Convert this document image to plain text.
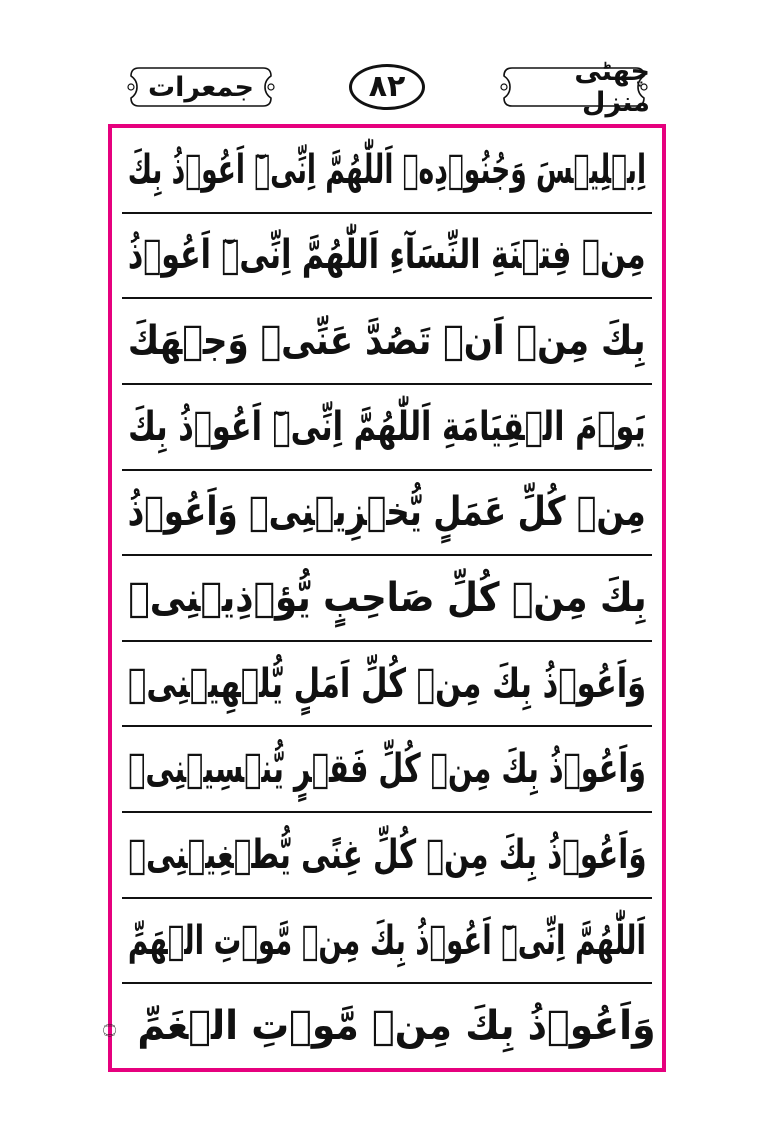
چھٹی منزل
۸۲
جمعرات
اِبۡلِيۡسَ وَجُنُوۡدِهٖ اَللّٰهُمَّ اِنِّىۡٓ اَعُوۡذُ بِكَ
مِنۡ فِتۡنَةِ النِّسَآءِ اَللّٰهُمَّ اِنِّىۡٓ اَعُوۡذُ
بِكَ مِنۡ اَنۡ تَصُدَّ عَنِّىۡ وَجۡهَكَ
يَوۡمَ الۡقِيَامَةِ اَللّٰهُمَّ اِنِّىۡٓ اَعُوۡذُ بِكَ
مِنۡ كُلِّ عَمَلٍ يُّخۡزِيۡنِىۡ وَاَعُوۡذُ
بِكَ مِنۡ كُلِّ صَاحِبٍ يُّؤۡذِيۡنِىۡ
وَاَعُوۡذُ بِكَ مِنۡ كُلِّ اَمَلٍ يُّلۡهِيۡنِىۡ
وَاَعُوۡذُ بِكَ مِنۡ كُلِّ فَقۡرٍ يُّنۡسِيۡنِىۡ
وَاَعُوۡذُ بِكَ مِنۡ كُلِّ غِنًى يُّطۡغِيۡنِىۡ
اَللّٰهُمَّ اِنِّىۡٓ اَعُوۡذُ بِكَ مِنۡ مَّوۡتِ الۡهَمِّ
وَاَعُوۡذُ بِكَ مِنۡ مَّوۡتِ الۡغَمِّ
۝
